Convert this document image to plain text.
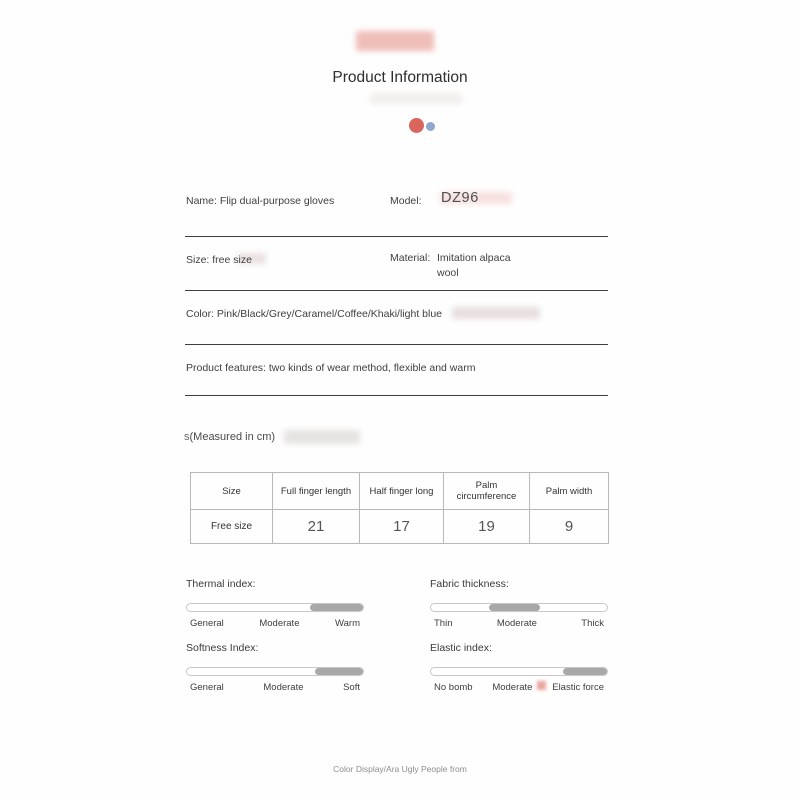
Product Information
Name: Flip dual-purpose gloves	Model: DZ96
Size: free size	Material: Imitation alpaca wool
Color: Pink/Black/Grey/Caramel/Coffee/Khaki/light blue
Product features: two kinds of wear method, flexible and warm
s(Measured in cm)
Size	Full finger length	Half finger long	Palm circumference	Palm width
Free size	21	17	19	9
Thermal index:
General	Moderate	Warm
Fabric thickness:
Thin	Moderate	Thick
Softness Index:
General	Moderate	Soft
Elastic index:
No bomb Moderate Elastic force
Color Display/Ara Ugly People from
